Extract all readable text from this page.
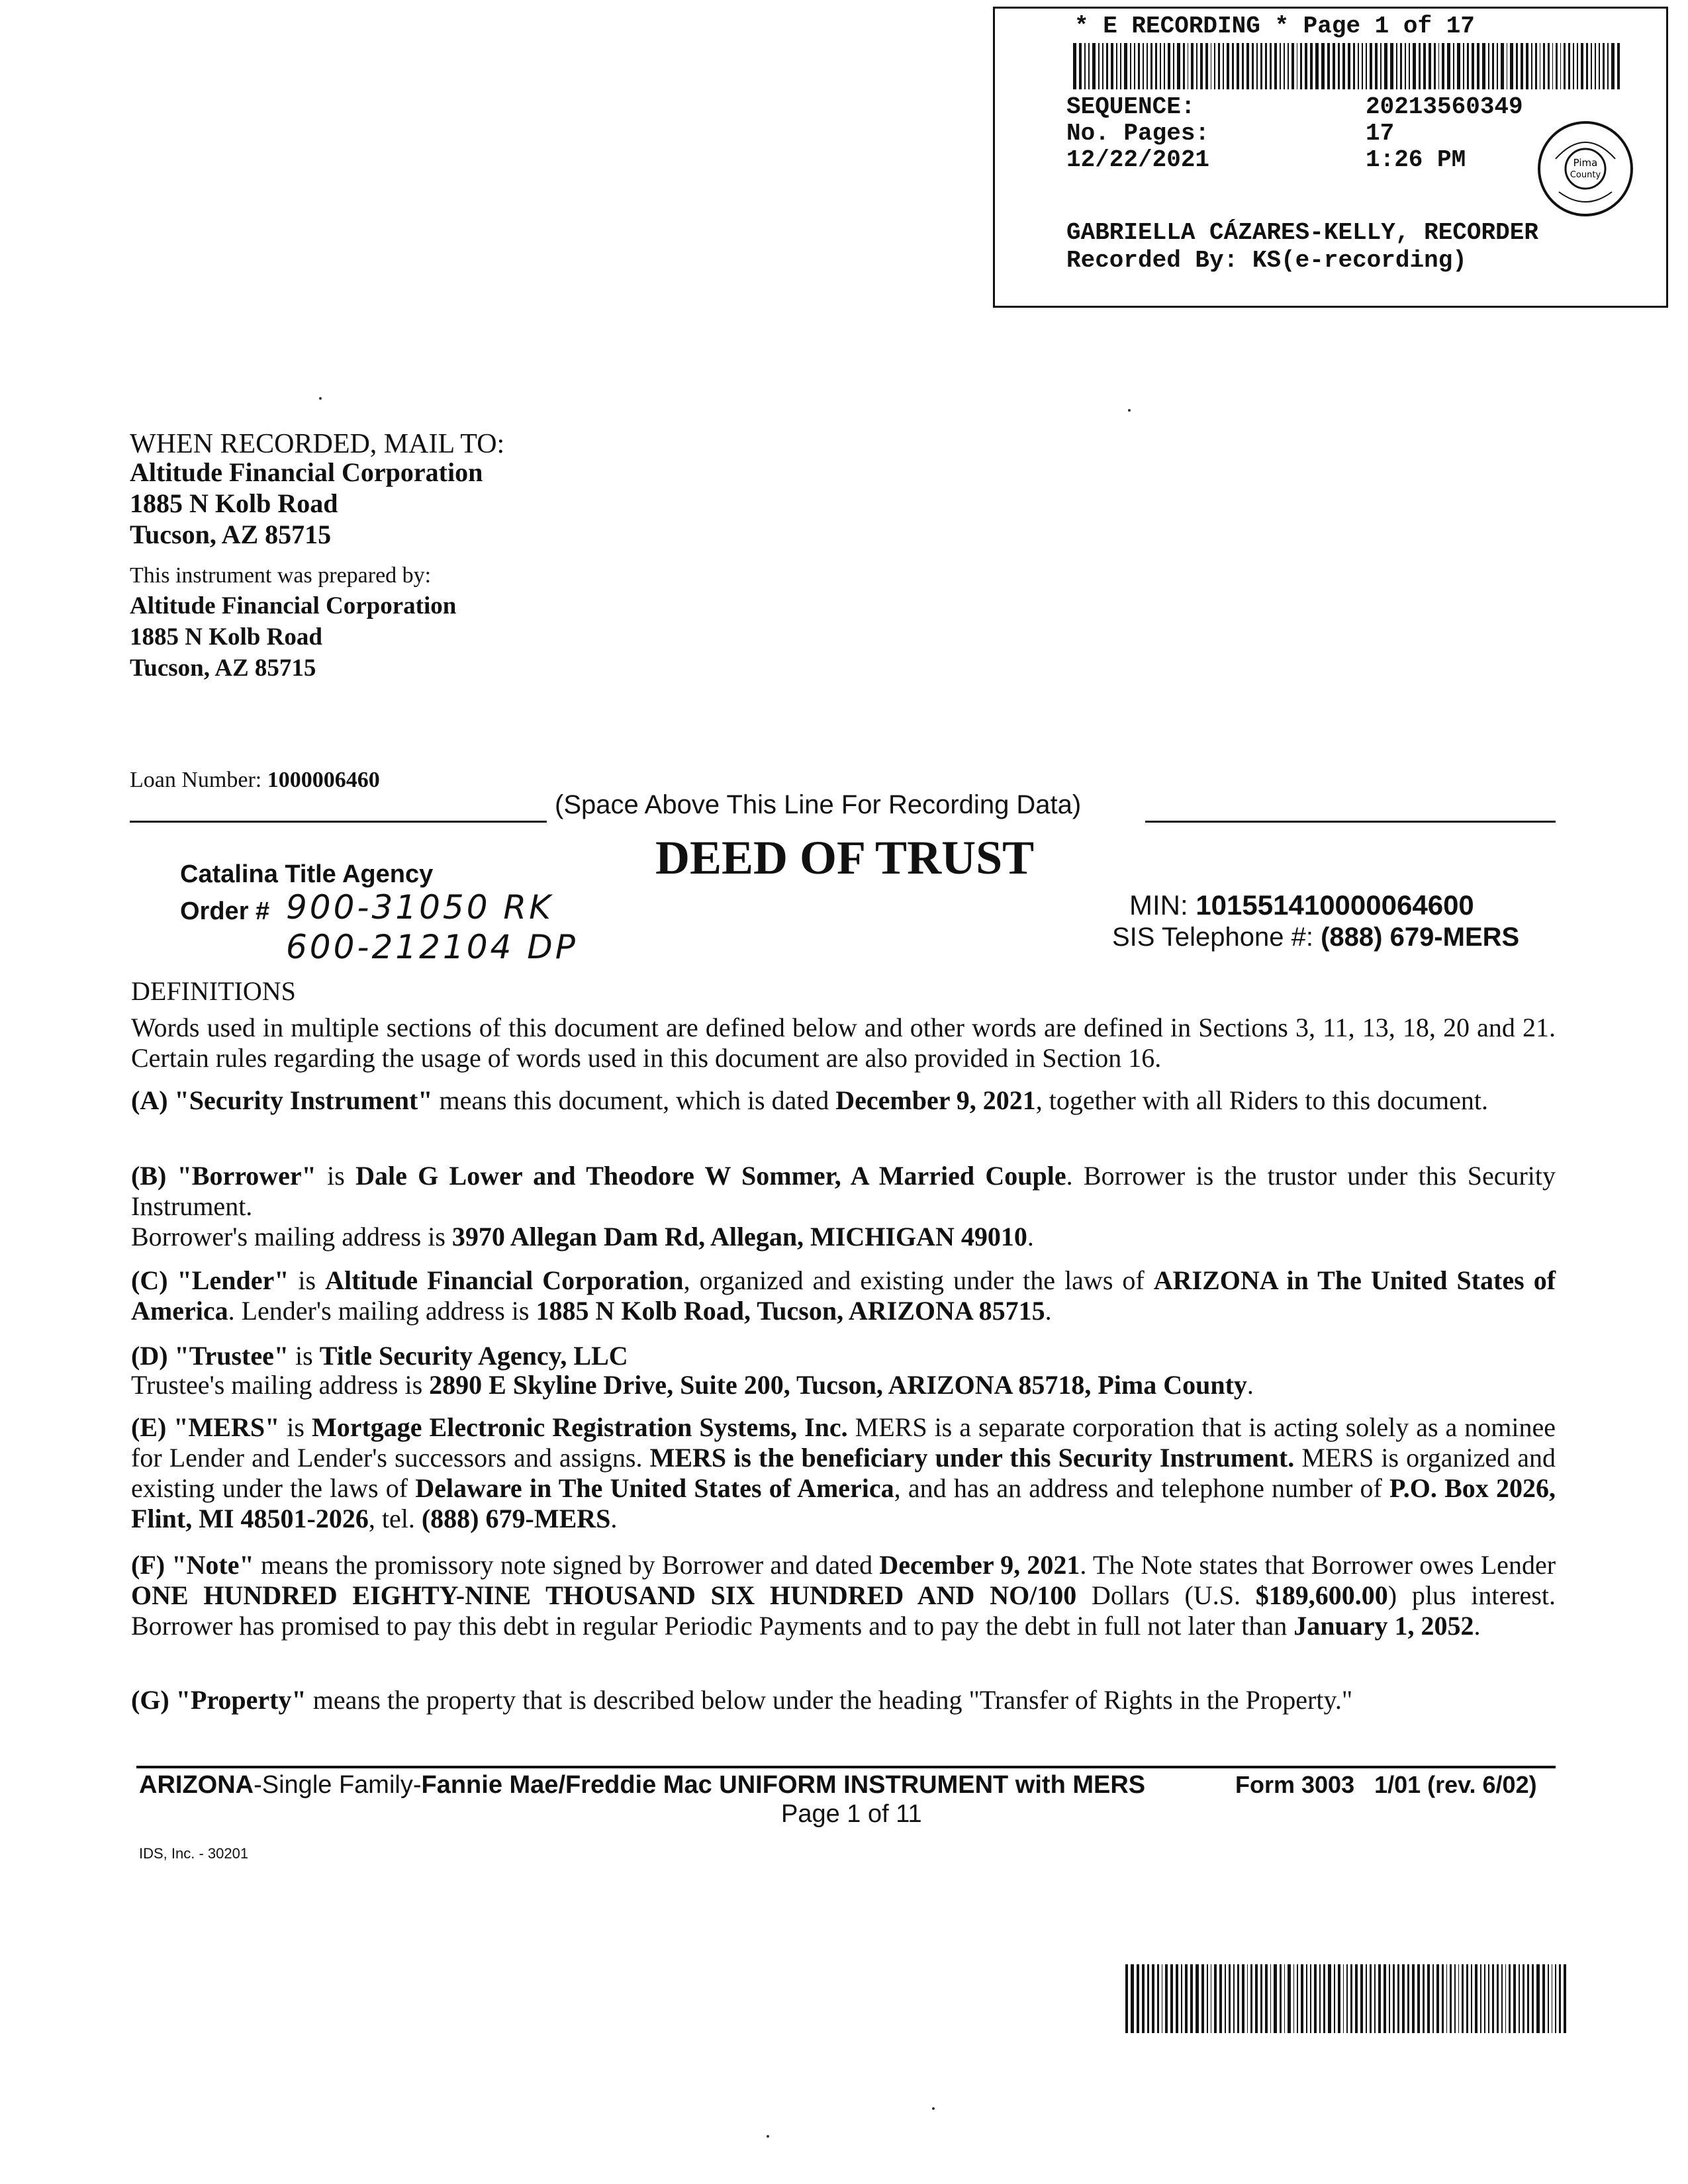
* E RECORDING * Page 1 of 17
SEQUENCE:	20213560349
No. Pages:	17
12/22/2021	1:26 PM
GABRIELLA CÁZARES-KELLY, RECORDER
Recorded By: KS(e-recording)
Pima
County
WHEN RECORDED, MAIL TO:
Altitude Financial Corporation
1885 N Kolb Road
Tucson, AZ 85715
This instrument was prepared by:
Altitude Financial Corporation
1885 N Kolb Road
Tucson, AZ 85715
Loan Number: 1000006460
(Space Above This Line For Recording Data)
DEED OF TRUST
Catalina Title Agency
Order # 900-31050 RK
600-212104 DP
MIN: 101551410000064600
SIS Telephone #: (888) 679-MERS
DEFINITIONS
Words used in multiple sections of this document are defined below and other words are defined in Sections 3, 11, 13, 18, 20 and 21. Certain rules regarding the usage of words used in this document are also provided in Section 16.
(A) "Security Instrument" means this document, which is dated December 9, 2021, together with all Riders to this document.
(B) "Borrower" is Dale G Lower and Theodore W Sommer, A Married Couple. Borrower is the trustor under this Security Instrument.
Borrower's mailing address is 3970 Allegan Dam Rd, Allegan, MICHIGAN 49010.
(C) "Lender" is Altitude Financial Corporation, organized and existing under the laws of ARIZONA in The United States of America. Lender's mailing address is 1885 N Kolb Road, Tucson, ARIZONA 85715.
(D) "Trustee" is Title Security Agency, LLC
Trustee's mailing address is 2890 E Skyline Drive, Suite 200, Tucson, ARIZONA 85718, Pima County.
(E) "MERS" is Mortgage Electronic Registration Systems, Inc. MERS is a separate corporation that is acting solely as a nominee for Lender and Lender's successors and assigns. MERS is the beneficiary under this Security Instrument. MERS is organized and existing under the laws of Delaware in The United States of America, and has an address and telephone number of P.O. Box 2026, Flint, MI 48501-2026, tel. (888) 679-MERS.
(F) "Note" means the promissory note signed by Borrower and dated December 9, 2021. The Note states that Borrower owes Lender ONE HUNDRED EIGHTY-NINE THOUSAND SIX HUNDRED AND NO/100 Dollars (U.S. $189,600.00) plus interest. Borrower has promised to pay this debt in regular Periodic Payments and to pay the debt in full not later than January 1, 2052.
(G) "Property" means the property that is described below under the heading "Transfer of Rights in the Property."
ARIZONA-Single Family-Fannie Mae/Freddie Mac UNIFORM INSTRUMENT with MERS	Form 3003   1/01 (rev. 6/02)
Page 1 of 11
IDS, Inc. - 30201
